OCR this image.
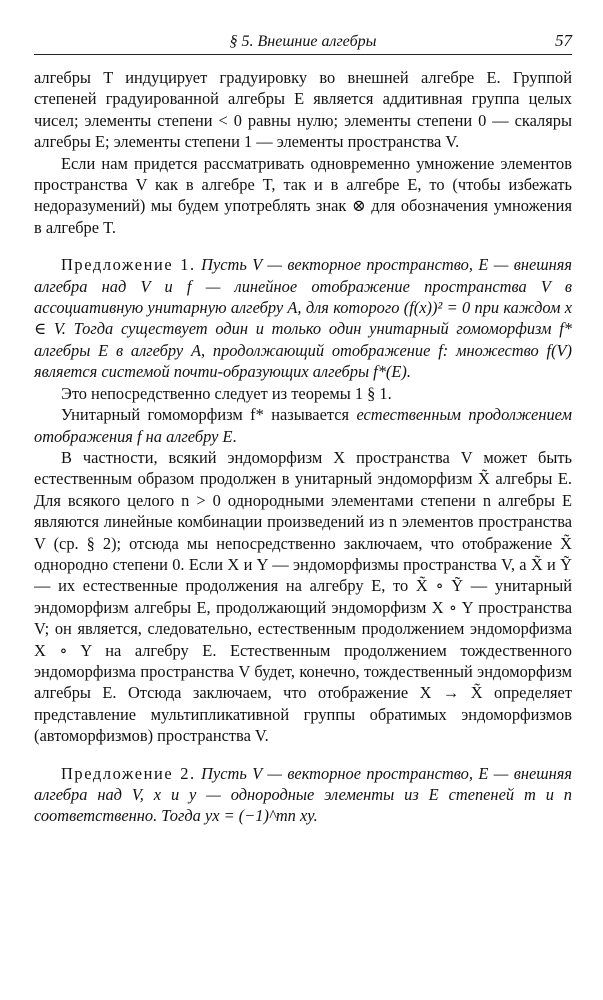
§ 5. Внешние алгебры	57

алгебры T индуцирует градуировку во внешней алгебре E. Группой степеней градуированной алгебры E является аддитивная группа целых чисел; элементы степени < 0 равны нулю; элементы степени 0 — скаляры алгебры E; элементы степени 1 — элементы пространства V.

Если нам придется рассматривать одновременно умножение элементов пространства V как в алгебре T, так и в алгебре E, то (чтобы избежать недоразумений) мы будем употреблять знак ⊗ для обозначения умножения в алгебре T.

Предложение 1. Пусть V — векторное пространство, E — внешняя алгебра над V и f — линейное отображение пространства V в ассоциативную унитарную алгебру A, для которого (f(x))² = 0 при каждом x ∈ V. Тогда существует один и только один унитарный гомоморфизм f* алгебры E в алгебру A, продолжающий отображение f: множество f(V) является системой почти-образующих алгебры f*(E).

Это непосредственно следует из теоремы 1 § 1.

Унитарный гомоморфизм f* называется естественным продолжением отображения f на алгебру E.

В частности, всякий эндоморфизм X пространства V может быть естественным образом продолжен в унитарный эндоморфизм X̃ алгебры E. Для всякого целого n > 0 однородными элементами степени n алгебры E являются линейные комбинации произведений из n элементов пространства V (ср. § 2); отсюда мы непосредственно заключаем, что отображение X̃ однородно степени 0. Если X и Y — эндоморфизмы пространства V, а X̃ и Ỹ — их естественные продолжения на алгебру E, то X̃ ∘ Ỹ — унитарный эндоморфизм алгебры E, продолжающий эндоморфизм X ∘ Y пространства V; он является, следовательно, естественным продолжением эндоморфизма X ∘ Y на алгебру E. Естественным продолжением тождественного эндоморфизма пространства V будет, конечно, тождественный эндоморфизм алгебры E. Отсюда заключаем, что отображение X → X̃ определяет представление мультипликативной группы обратимых эндоморфизмов (автоморфизмов) пространства V.

Предложение 2. Пусть V — векторное пространство, E — внешняя алгебра над V, x и y — однородные элементы из E степеней m и n соответственно. Тогда yx = (−1)^mn xy.
